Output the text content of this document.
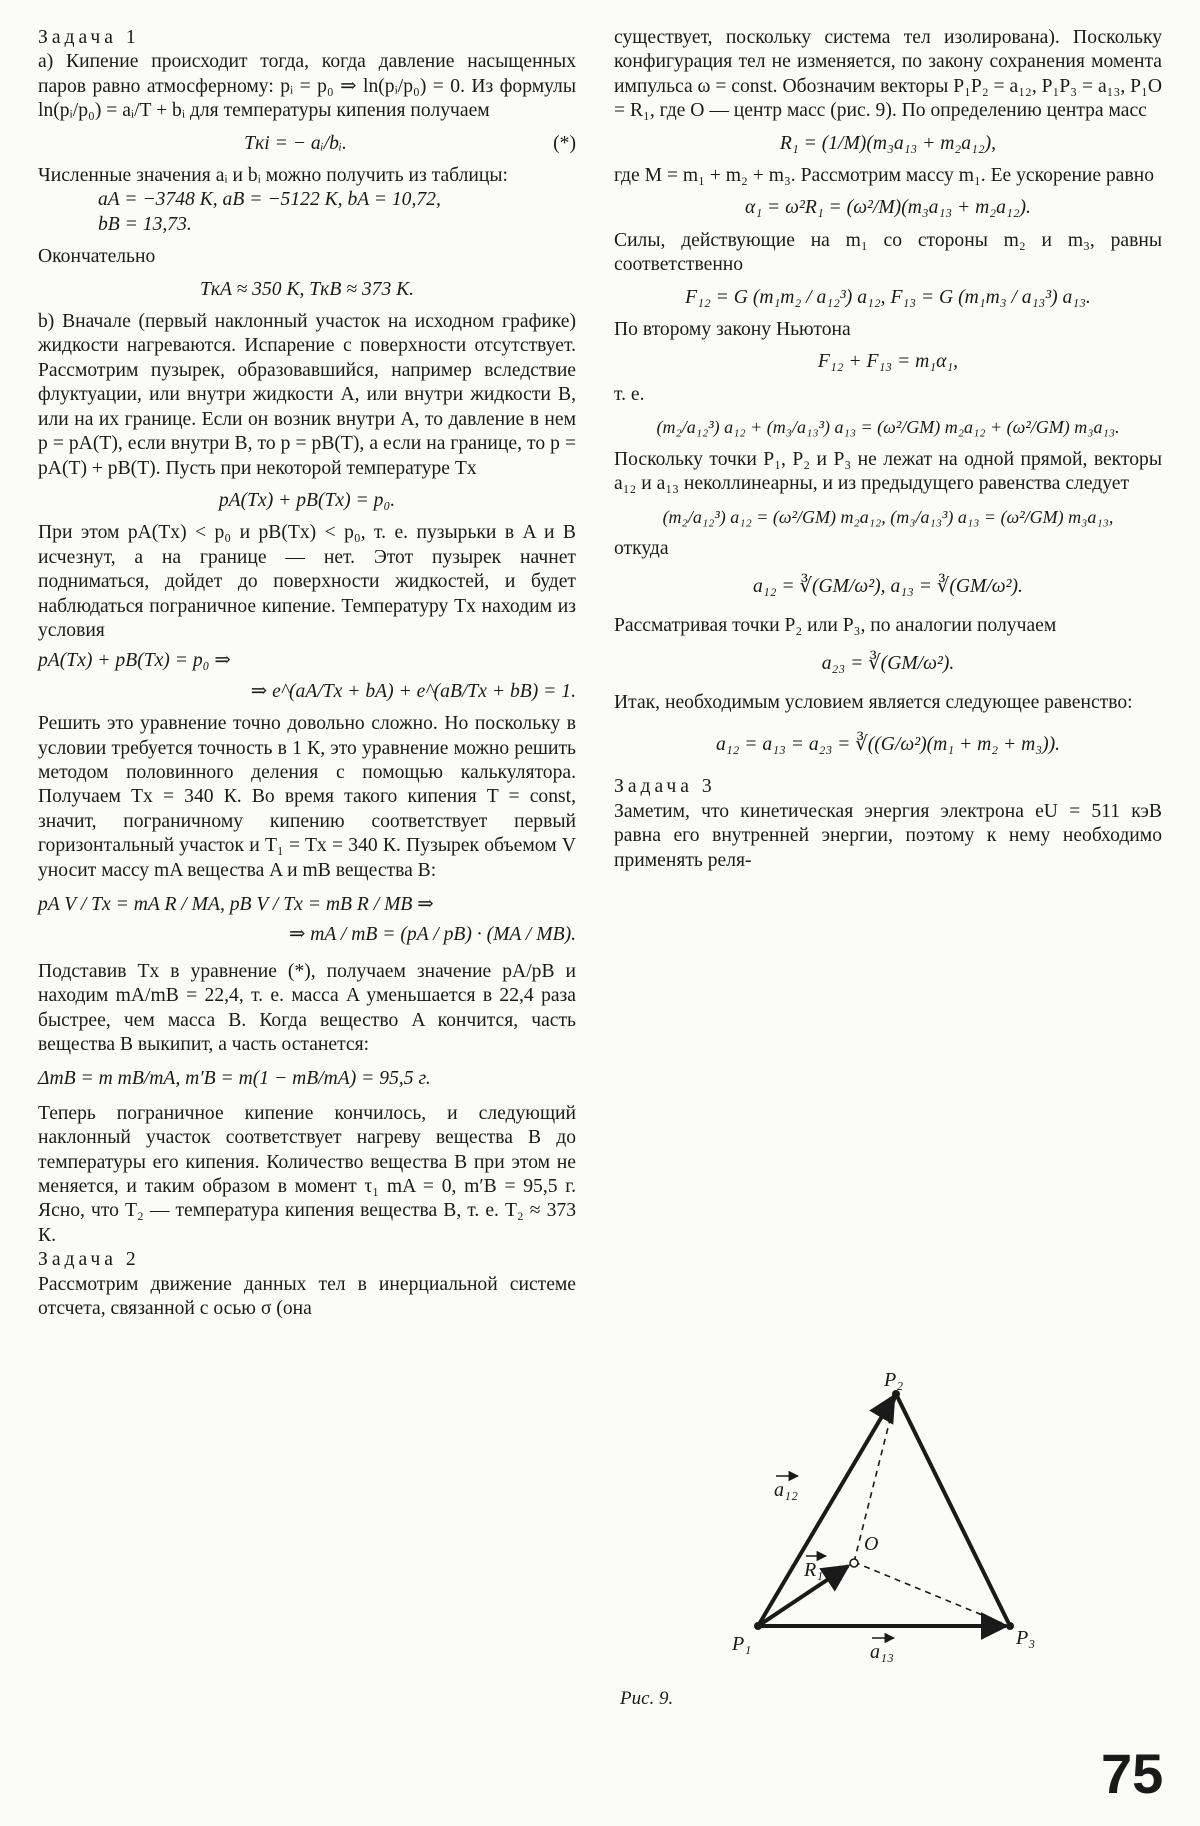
Задача 1

a) Кипение происходит тогда, когда давление насыщенных паров равно атмосферному: pᵢ = p₀ ⇒ ln(pᵢ/p₀) = 0. Из формулы ln(pᵢ/p₀) = aᵢ/T + bᵢ для температуры кипения получаем

Tкi = − aᵢ/bᵢ.	(*)

Численные значения aᵢ и bᵢ можно получить из таблицы:

aA = −3748 К, aB = −5122 К, bA = 10,72,
bB = 13,73.

Окончательно

TкA ≈ 350 К, TкB ≈ 373 К.

b) Вначале (первый наклонный участок на исходном графике) жидкости нагреваются. Испарение с поверхности отсутствует. Рассмотрим пузырек, образовавшийся, например вследствие флуктуации, или внутри жидкости A, или внутри жидкости B, или на их границе. Если он возник внутри A, то давление в нем p = pA(T), если внутри B, то p = pB(T), а если на границе, то p = pA(T) + pB(T). Пусть при некоторой температуре Tx

pA(Tx) + pB(Tx) = p₀.

При этом pA(Tx) < p₀ и pB(Tx) < p₀, т. е. пузырьки в A и B исчезнут, а на границе — нет. Этот пузырек начнет подниматься, дойдет до поверхности жидкостей, и будет наблюдаться пограничное кипение. Температуру Tx находим из условия

pA(Tx) + pB(Tx) = p₀ ⇒
⇒ e^(aA/Tx + bA) + e^(aB/Tx + bB) = 1.

Решить это уравнение точно довольно сложно. Но поскольку в условии требуется точность в 1 К, это уравнение можно решить методом половинного деления с помощью калькулятора. Получаем Tx = 340 К. Во время такого кипения T = const, значит, пограничному кипению соответствует первый горизонтальный участок и T₁ = Tx = 340 К. Пузырек объемом V уносит массу mA вещества A и mB вещества B:

pA V / Tx = mA R / MA, pB V / Tx = mB R / MB ⇒
⇒ mA / mB = (pA / pB) · (MA / MB).

Подставив Tx в уравнение (*), получаем значение pA/pB и находим mA/mB = 22,4, т. е. масса A уменьшается в 22,4 раза быстрее, чем масса B. Когда вещество A кончится, часть вещества B выкипит, а часть останется:

ΔmB = m mB/mA, m′B = m(1 − mB/mA) = 95,5 г.

Теперь пограничное кипение кончилось, и следующий наклонный участок соответствует нагреву вещества B до температуры его кипения. Количество вещества B при этом не меняется, и таким образом в момент τ₁ mA = 0, m′B = 95,5 г. Ясно, что T₂ — температура кипения вещества B, т. е. T₂ ≈ 373 К.

Задача 2

Рассмотрим движение данных тел в инерциальной системе отсчета, связанной с осью σ (она

существует, поскольку система тел изолирована). Поскольку конфигурация тел не изменяется, по закону сохранения момента импульса ω = const. Обозначим векторы P₁P₂ = a₁₂, P₁P₃ = a₁₃, P₁O = R₁, где O — центр масс (рис. 9). По определению центра масс

R₁ = (1/M)(m₃a₁₃ + m₂a₁₂),

где M = m₁ + m₂ + m₃. Рассмотрим массу m₁. Ее ускорение равно

α₁ = ω²R₁ = (ω²/M)(m₃a₁₃ + m₂a₁₂).

Силы, действующие на m₁ со стороны m₂ и m₃, равны соответственно

F₁₂ = G (m₁m₂ / a₁₂³) a₁₂, F₁₃ = G (m₁m₃ / a₁₃³) a₁₃.

По второму закону Ньютона

F₁₂ + F₁₃ = m₁α₁,

т. е.

(m₂/a₁₂³) a₁₂ + (m₃/a₁₃³) a₁₃ = (ω²/GM) m₂a₁₂ + (ω²/GM) m₃a₁₃.

Поскольку точки P₁, P₂ и P₃ не лежат на одной прямой, векторы a₁₂ и a₁₃ неколлинеарны, и из предыдущего равенства следует

(m₂/a₁₂³) a₁₂ = (ω²/GM) m₂a₁₂, (m₃/a₁₃³) a₁₃ = (ω²/GM) m₃a₁₃,

откуда

a₁₂ = ∛(GM/ω²), a₁₃ = ∛(GM/ω²).

Рассматривая точки P₂ или P₃, по аналогии получаем

a₂₃ = ∛(GM/ω²).

Итак, необходимым условием является следующее равенство:

a₁₂ = a₁₃ = a₂₃ = ∛((G/ω²)(m₁ + m₂ + m₃)).

Задача 3

Заметим, что кинетическая энергия электрона eU = 511 кэВ равна его внутренней энергии, поэтому к нему необходимо применять реля-

P₁
P₂
P₃
O
a₁₂
a₁₃
R₁
Рис. 9.
75
